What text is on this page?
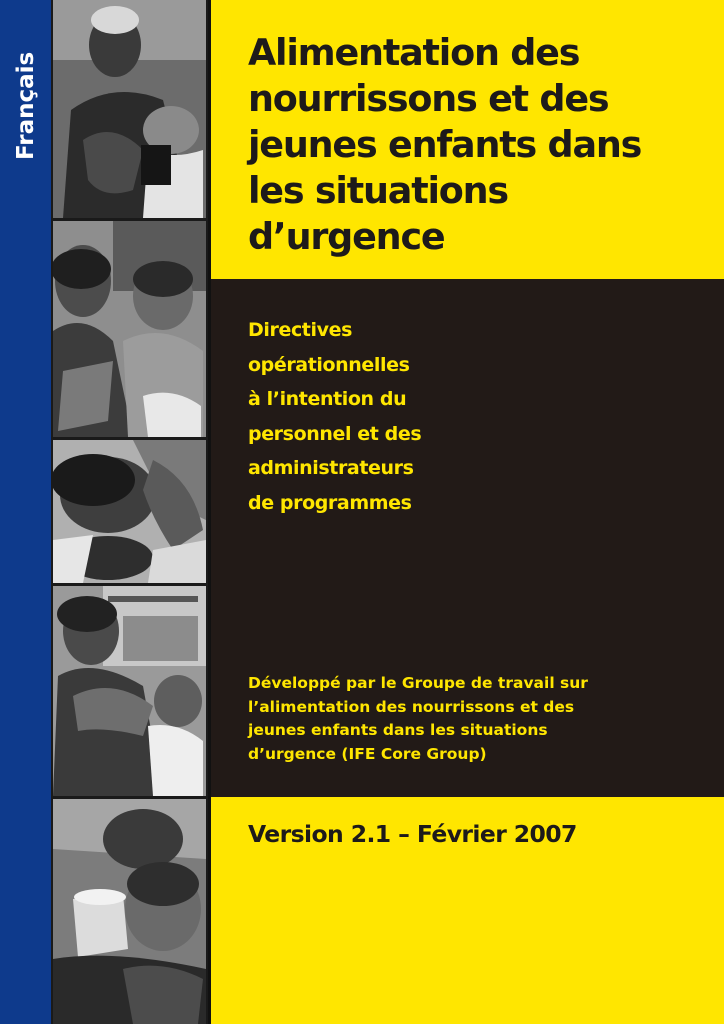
Français	Alimentation des nourrissons et des jeunes enfants dans les situations d’urgence
Directives
opérationnelles
à l’intention du
personnel et des
administrateurs
de programmes
Développé par le Groupe de travail sur
l’alimentation des nourrissons et des
jeunes enfants dans les situations
d’urgence (IFE Core Group)
Version 2.1 – Février 2007
